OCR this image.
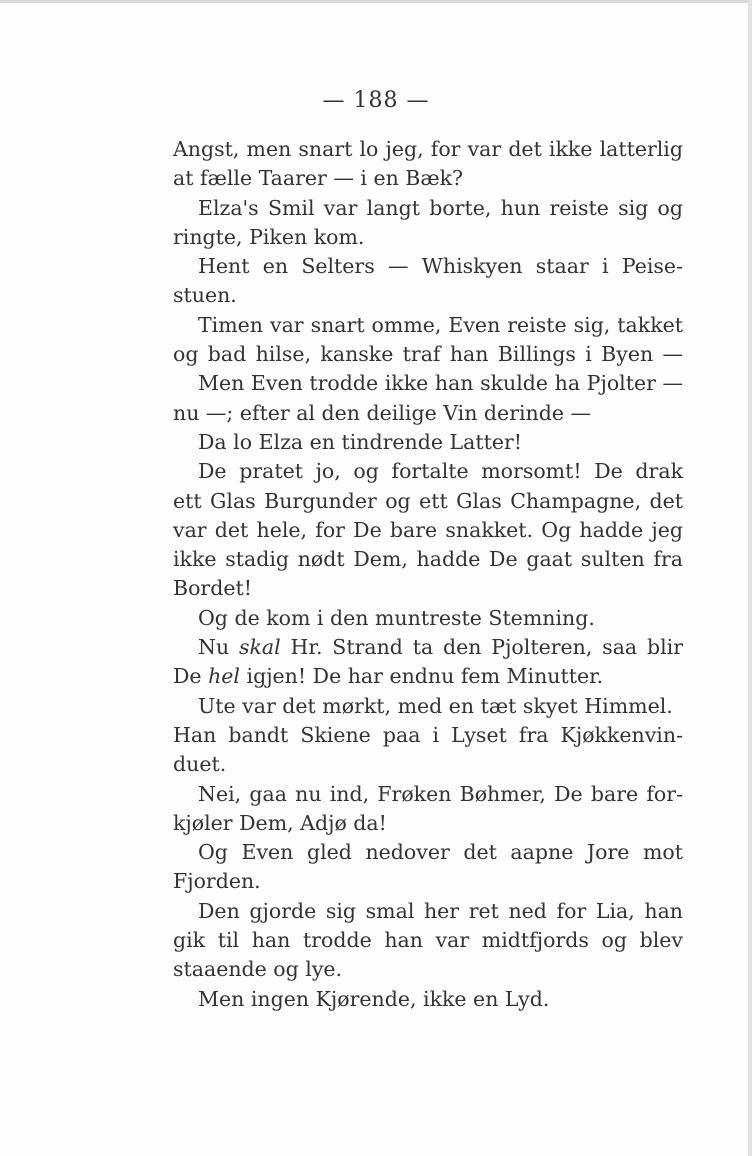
— 188 —
Angst, men snart lo jeg, for var det ikke latterlig
at fælle Taarer — i en Bæk?
Elza's Smil var langt borte, hun reiste sig og
ringte, Piken kom.
Hent en Selters — Whiskyen staar i Peise-
stuen.
Timen var snart omme, Even reiste sig, takket
og bad hilse, kanske traf han Billings i Byen —
Men Even trodde ikke han skulde ha Pjolter —
nu —; efter al den deilige Vin derinde —
Da lo Elza en tindrende Latter!
De pratet jo, og fortalte morsomt! De drak
ett Glas Burgunder og ett Glas Champagne, det
var det hele, for De bare snakket. Og hadde jeg
ikke stadig nødt Dem, hadde De gaat sulten fra
Bordet!
Og de kom i den muntreste Stemning.
Nu skal Hr. Strand ta den Pjolteren, saa blir
De hel igjen! De har endnu fem Minutter.
Ute var det mørkt, med en tæt skyet Himmel.
Han bandt Skiene paa i Lyset fra Kjøkkenvin-
duet.
Nei, gaa nu ind, Frøken Bøhmer, De bare for-
kjøler Dem, Adjø da!
Og Even gled nedover det aapne Jore mot
Fjorden.
Den gjorde sig smal her ret ned for Lia, han
gik til han trodde han var midtfjords og blev
staaende og lye.
Men ingen Kjørende, ikke en Lyd.
